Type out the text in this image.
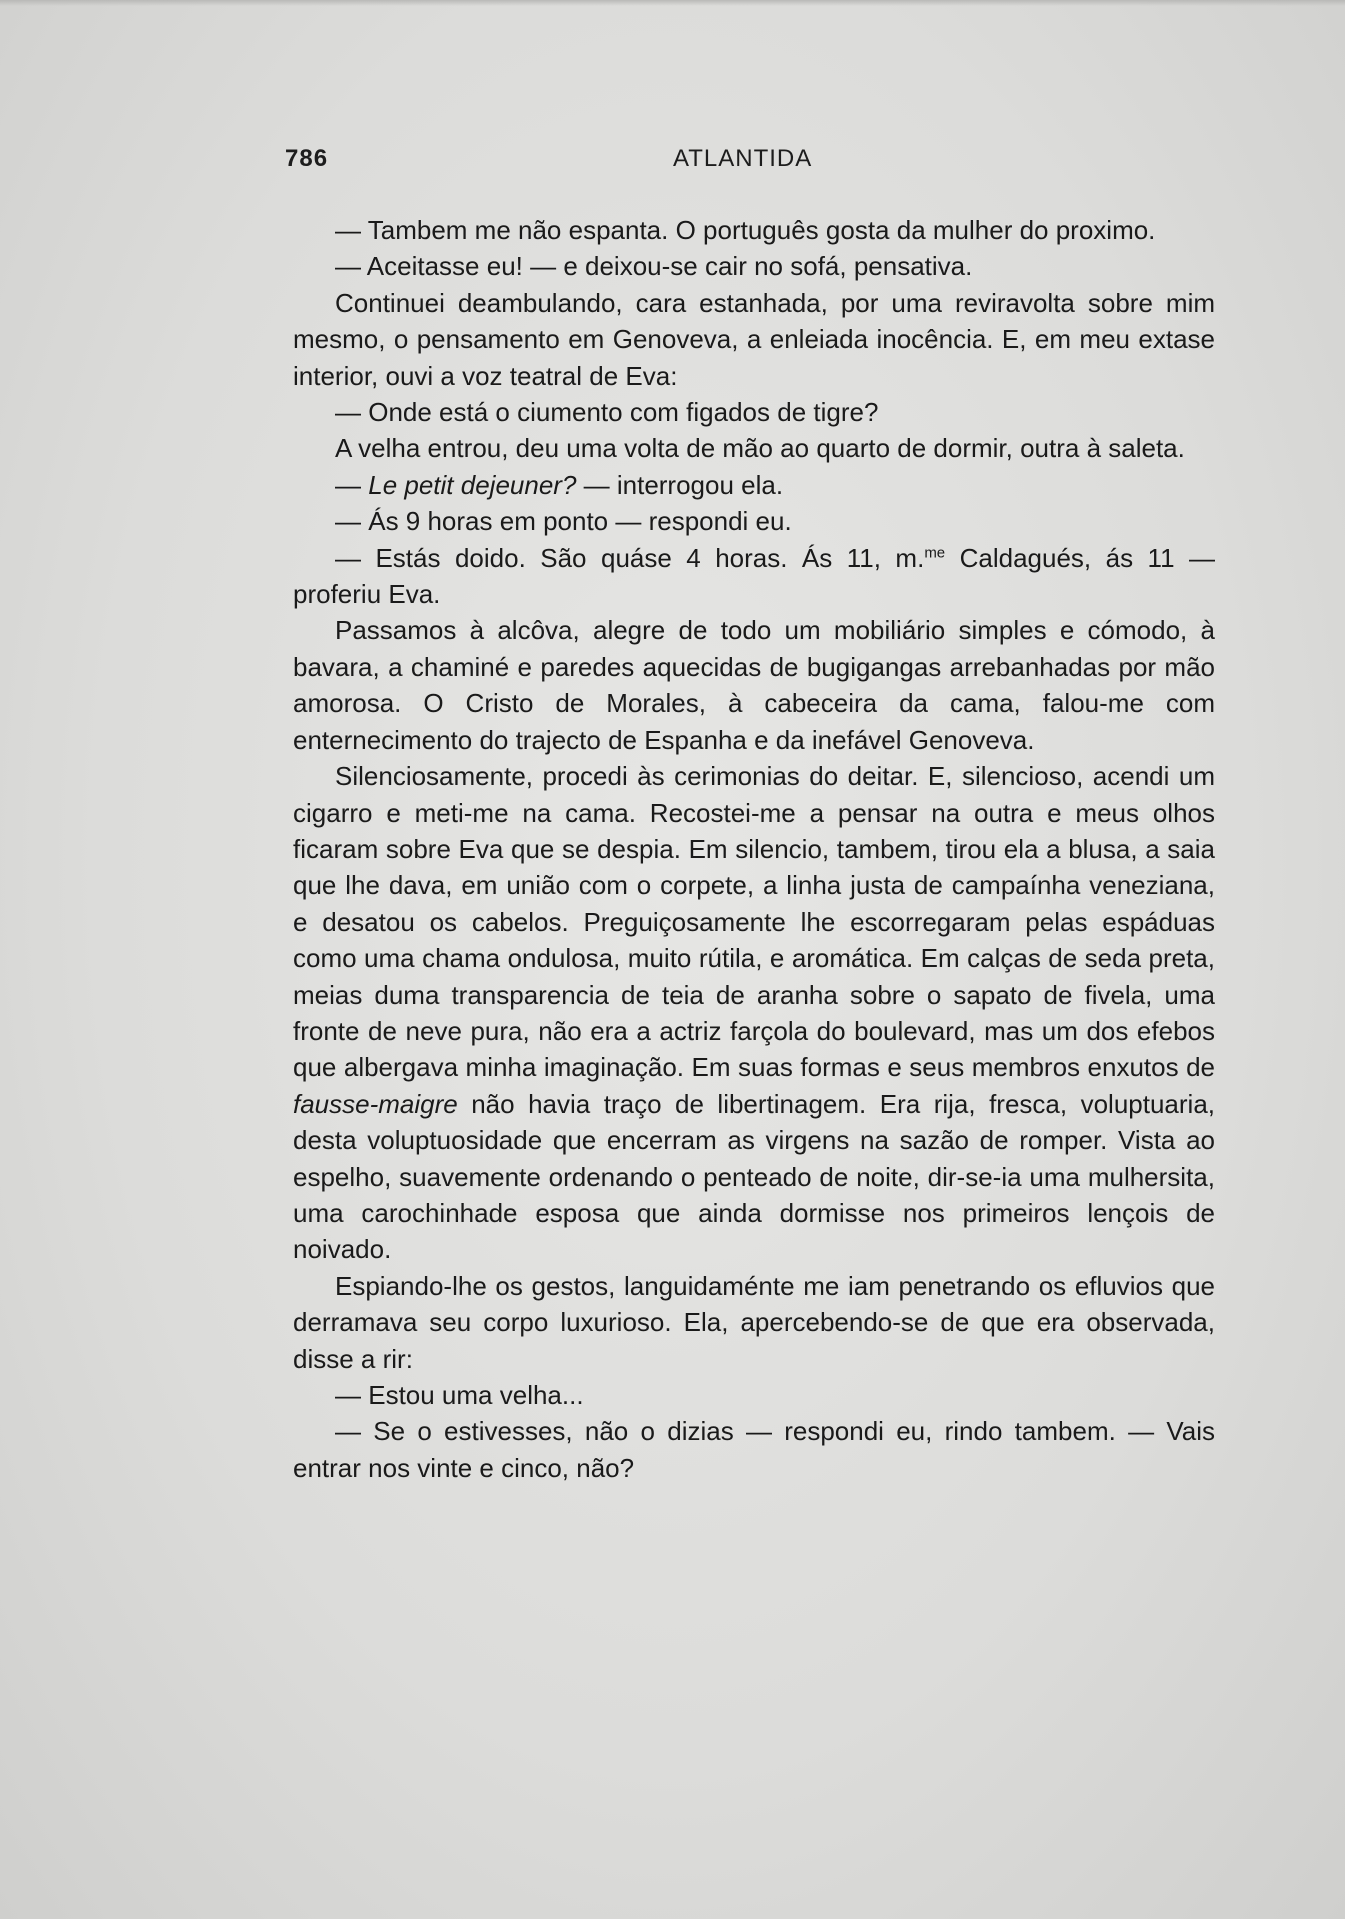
786	ATLANTIDA

— Tambem me não espanta. O português gosta da mulher do proximo.

— Aceitasse eu! — e deixou-se cair no sofá, pensativa.

Continuei deambulando, cara estanhada, por uma reviravolta sobre mim mesmo, o pensamento em Genoveva, a enleiada inocência. E, em meu extase interior, ouvi a voz teatral de Eva:

— Onde está o ciumento com figados de tigre?

A velha entrou, deu uma volta de mão ao quarto de dormir, outra à saleta.

— Le petit dejeuner? — interrogou ela.

— Ás 9 horas em ponto — respondi eu.

— Estás doido. São quáse 4 horas. Ás 11, m.$^{me}$ Caldagués, ás 11 — proferiu Eva.

Passamos à alcôva, alegre de todo um mobiliário simples e cómodo, à bavara, a chaminé e paredes aquecidas de bugigangas arrebanhadas por mão amorosa. O Cristo de Morales, à cabeceira da cama, falou-me com enternecimento do trajecto de Espanha e da inefável Genoveva.

Silenciosamente, procedi às cerimonias do deitar. E, silencioso, acendi um cigarro e meti-me na cama. Recostei-me a pensar na outra e meus olhos ficaram sobre Eva que se despia. Em silencio, tambem, tirou ela a blusa, a saia que lhe dava, em união com o corpete, a linha justa de campaínha veneziana, e desatou os cabelos. Preguiçosamente lhe escorregaram pelas espáduas como uma chama ondulosa, muito rútila, e aromática. Em calças de seda preta, meias duma transparencia de teia de aranha sobre o sapato de fivela, uma fronte de neve pura, não era a actriz farçola do boulevard, mas um dos efebos que albergava minha imaginação. Em suas formas e seus membros enxutos de fausse-maigre não havia traço de libertinagem. Era rija, fresca, voluptuaria, desta voluptuosidade que encerram as virgens na sazão de romper. Vista ao espelho, suavemente ordenando o penteado de noite, dir-se-ia uma mulhersita, uma carochinhade esposa que ainda dormisse nos primeiros lençois de noivado.

Espiando-lhe os gestos, languidaménte me iam penetrando os efluvios que derramava seu corpo luxurioso. Ela, apercebendo-se de que era observada, disse a rir:

— Estou uma velha...

— Se o estivesses, não o dizias — respondi eu, rindo tambem. — Vais entrar nos vinte e cinco, não?
